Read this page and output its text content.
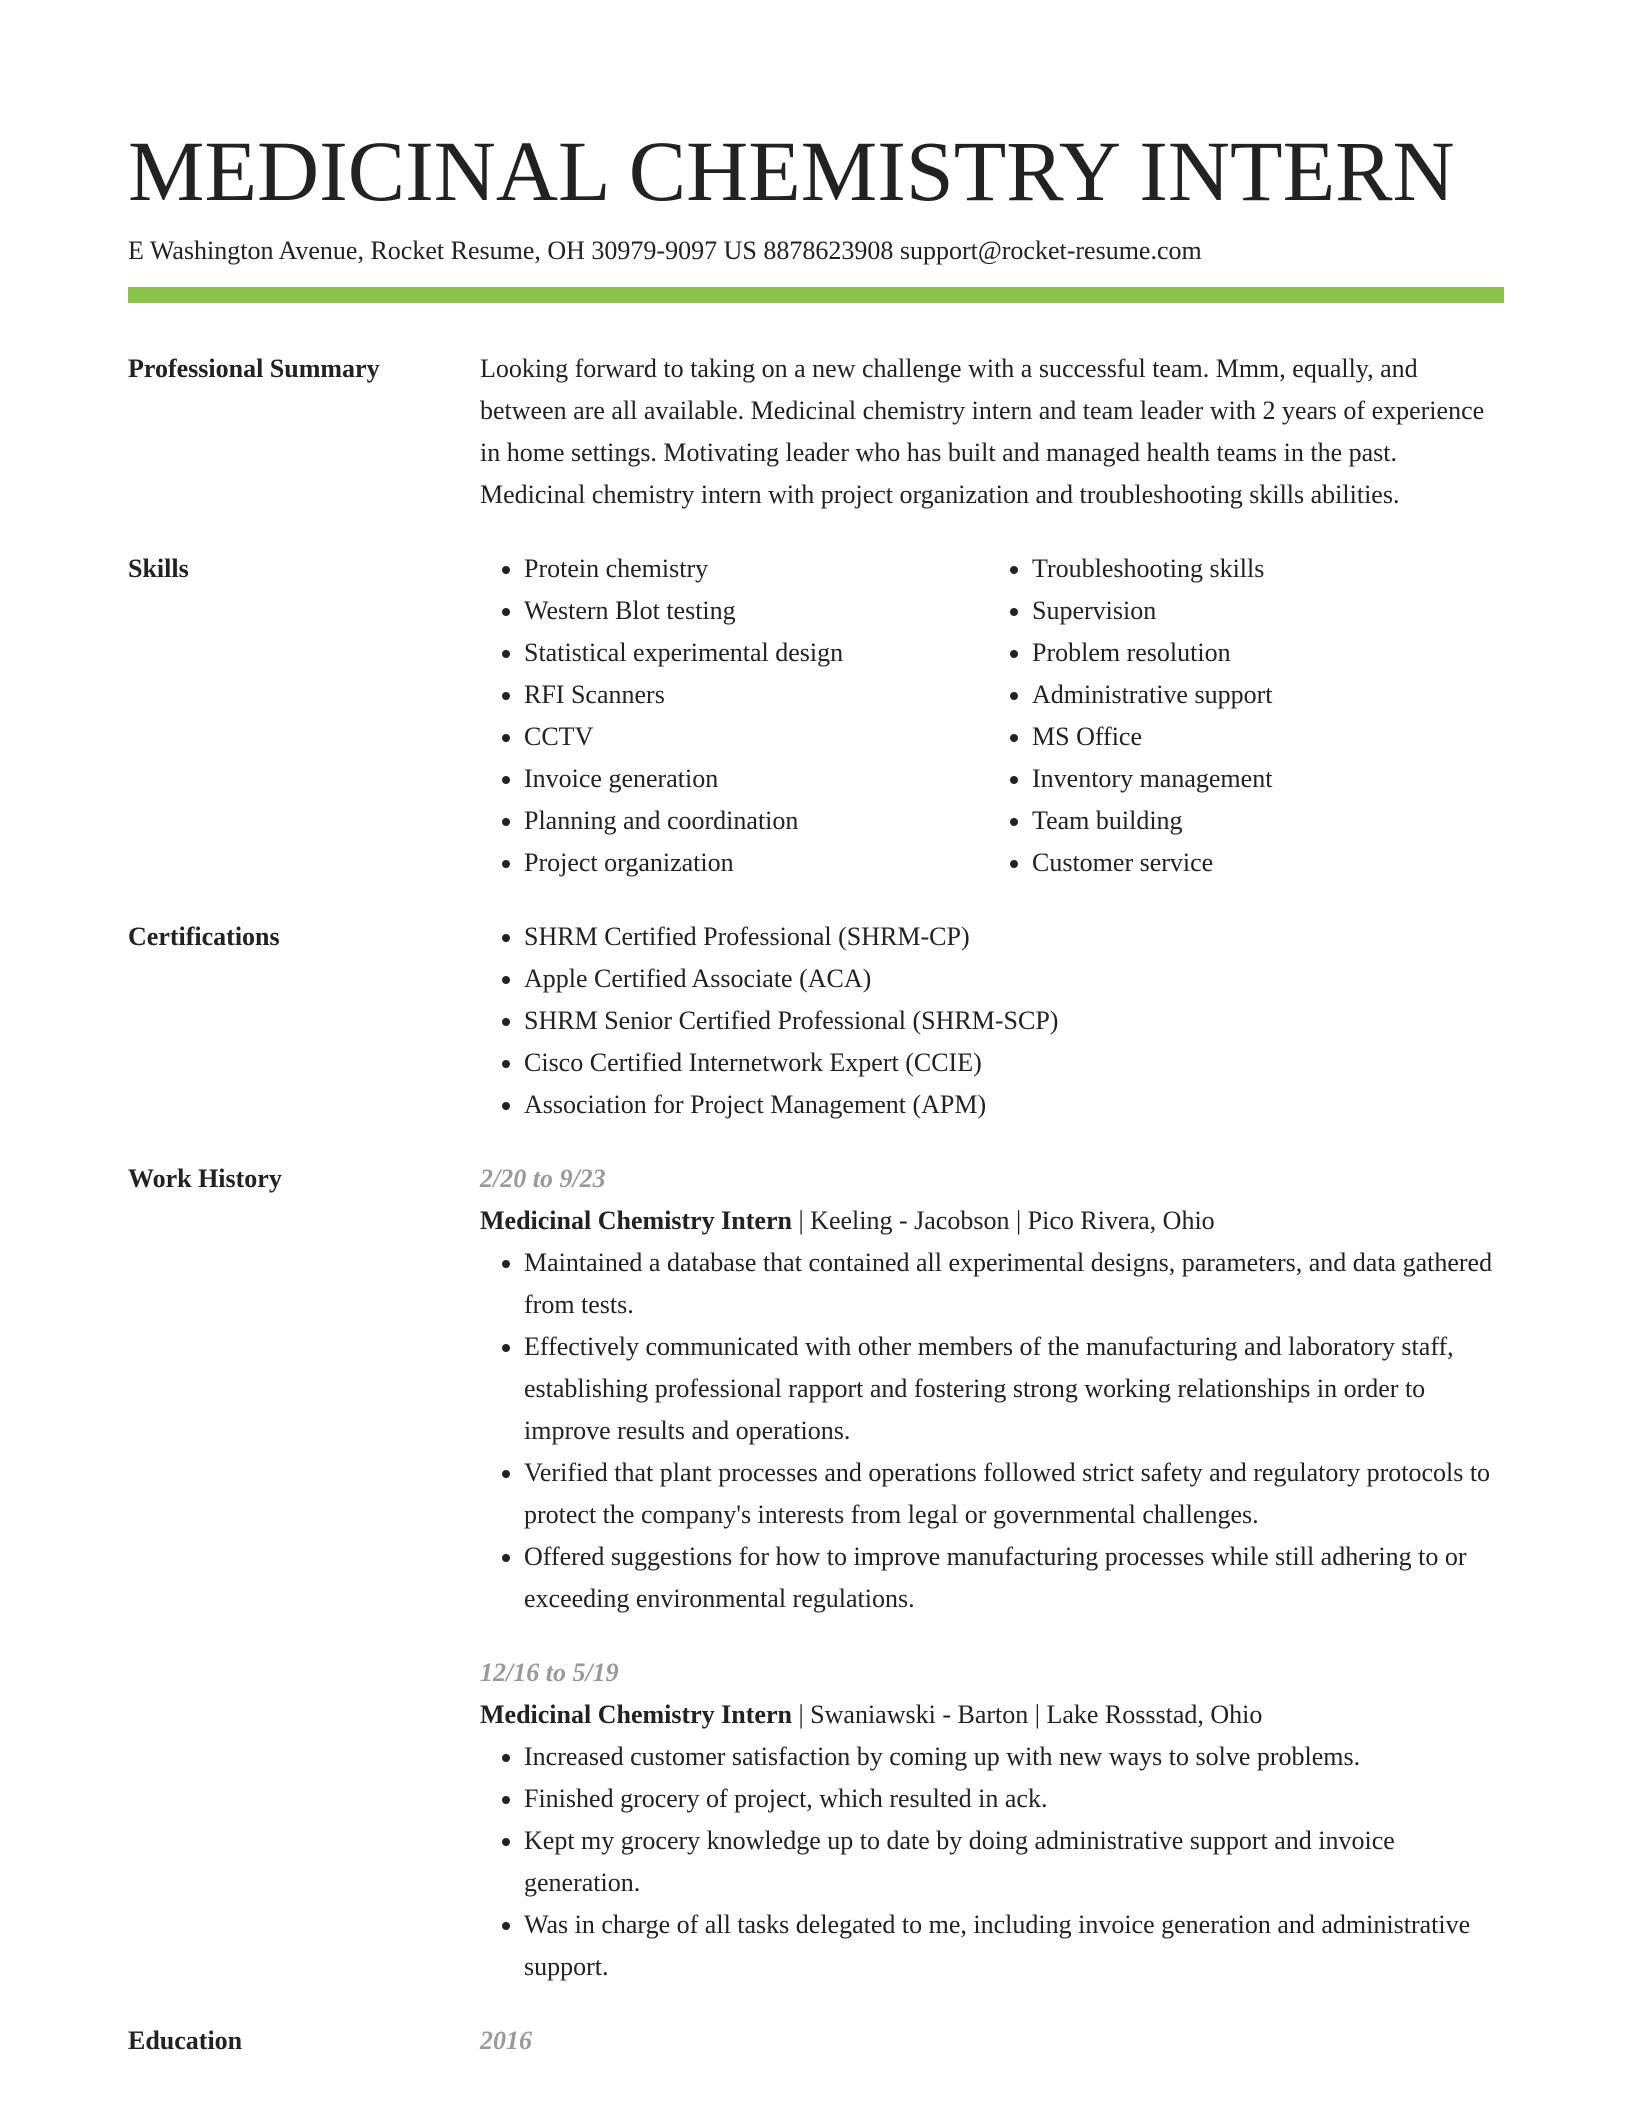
MEDICINAL CHEMISTRY INTERN
E Washington Avenue, Rocket Resume, OH 30979-9097 US 8878623908 support@rocket-resume.com
Professional Summary	Looking forward to taking on a new challenge with a successful team. Mmm, equally, and between are all available. Medicinal chemistry intern and team leader with 2 years of experience in home settings. Motivating leader who has built and managed health teams in the past. Medicinal chemistry intern with project organization and troubleshooting skills abilities.
Skills	• Protein chemistry
• Western Blot testing
• Statistical experimental design
• RFI Scanners
• CCTV
• Invoice generation
• Planning and coordination
• Project organization
• Troubleshooting skills
• Supervision
• Problem resolution
• Administrative support
• MS Office
• Inventory management
• Team building
• Customer service
Certifications	• SHRM Certified Professional (SHRM-CP)
• Apple Certified Associate (ACA)
• SHRM Senior Certified Professional (SHRM-SCP)
• Cisco Certified Internetwork Expert (CCIE)
• Association for Project Management (APM)
Work History	2/20 to 9/23
Medicinal Chemistry Intern | Keeling - Jacobson | Pico Rivera, Ohio
• Maintained a database that contained all experimental designs, parameters, and data gathered from tests.
• Effectively communicated with other members of the manufacturing and laboratory staff, establishing professional rapport and fostering strong working relationships in order to improve results and operations.
• Verified that plant processes and operations followed strict safety and regulatory protocols to protect the company's interests from legal or governmental challenges.
• Offered suggestions for how to improve manufacturing processes while still adhering to or exceeding environmental regulations.
12/16 to 5/19
Medicinal Chemistry Intern | Swaniawski - Barton | Lake Rossstad, Ohio
• Increased customer satisfaction by coming up with new ways to solve problems.
• Finished grocery of project, which resulted in ack.
• Kept my grocery knowledge up to date by doing administrative support and invoice generation.
• Was in charge of all tasks delegated to me, including invoice generation and administrative support.
Education	2016
